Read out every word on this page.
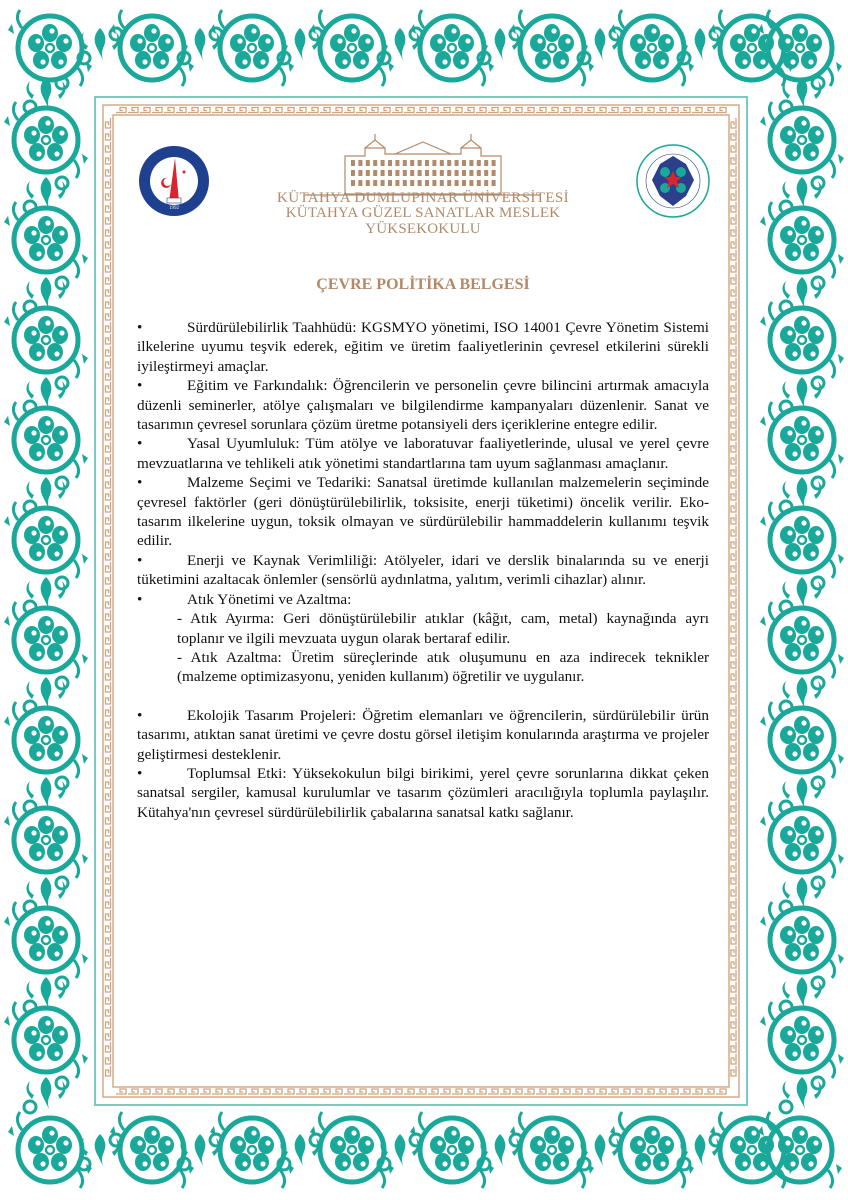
1992
KÜTAHYA DUMLUPINAR ÜNİVERSİTESİ
KÜTAHYA GÜZEL SANATLAR MESLEK YÜKSEKOKULU
ÇEVRE POLİTİKA BELGESİ

•	Sürdürülebilirlik Taahhüdü: KGSMYO yönetimi, ISO 14001 Çevre Yönetim Sistemi ilkelerine uyumu teşvik ederek, eğitim ve üretim faaliyetlerinin çevresel etkilerini sürekli iyileştirmeyi amaçlar.

•	Eğitim ve Farkındalık: Öğrencilerin ve personelin çevre bilincini artırmak amacıyla düzenli seminerler, atölye çalışmaları ve bilgilendirme kampanyaları düzenlenir. Sanat ve tasarımın çevresel sorunlara çözüm üretme potansiyeli ders içeriklerine entegre edilir.

•	Yasal Uyumluluk: Tüm atölye ve laboratuvar faaliyetlerinde, ulusal ve yerel çevre mevzuatlarına ve tehlikeli atık yönetimi standartlarına tam uyum sağlanması amaçlanır.

•	Malzeme Seçimi ve Tedariki: Sanatsal üretimde kullanılan malzemelerin seçiminde çevresel faktörler (geri dönüştürülebilirlik, toksisite, enerji tüketimi) öncelik verilir. Eko-tasarım ilkelerine uygun, toksik olmayan ve sürdürülebilir hammaddelerin kullanımı teşvik edilir.

•	Enerji ve Kaynak Verimliliği: Atölyeler, idari ve derslik binalarında su ve enerji tüketimini azaltacak önlemler (sensörlü aydınlatma, yalıtım, verimli cihazlar) alınır.

•	Atık Yönetimi ve Azaltma:

- Atık Ayırma: Geri dönüştürülebilir atıklar (kâğıt, cam, metal) kaynağında ayrı toplanır ve ilgili mevzuata uygun olarak bertaraf edilir.

- Atık Azaltma: Üretim süreçlerinde atık oluşumunu en aza indirecek teknikler (malzeme optimizasyonu, yeniden kullanım) öğretilir ve uygulanır.

•	Ekolojik Tasarım Projeleri: Öğretim elemanları ve öğrencilerin, sürdürülebilir ürün tasarımı, atıktan sanat üretimi ve çevre dostu görsel iletişim konularında araştırma ve projeler geliştirmesi desteklenir.

•	Toplumsal Etki: Yüksekokulun bilgi birikimi, yerel çevre sorunlarına dikkat çeken sanatsal sergiler, kamusal kurulumlar ve tasarım çözümleri aracılığıyla toplumla paylaşılır. Kütahya'nın çevresel sürdürülebilirlik çabalarına sanatsal katkı sağlanır.
